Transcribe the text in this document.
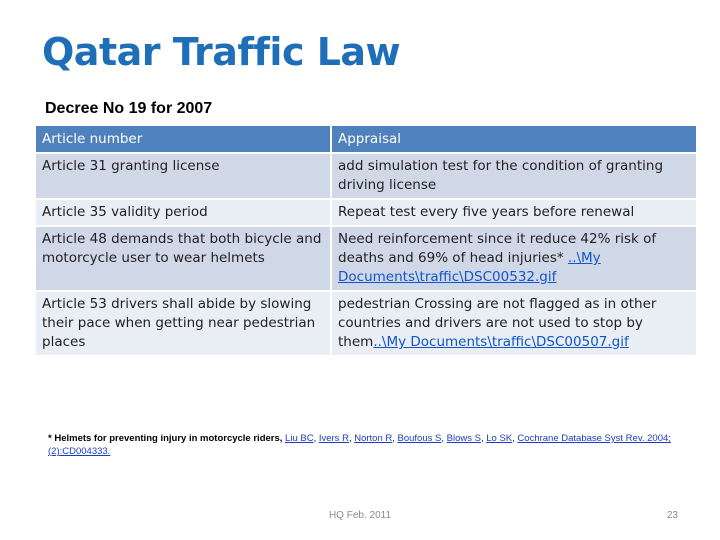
Qatar Traffic Law
Decree No 19 for 2007
Article number	Appraisal
Article 31 granting license	add simulation test for the condition of granting driving license
Article 35 validity period	Repeat test every five years before renewal
Article 48 demands that both bicycle and motorcycle user to wear helmets	Need reinforcement since it reduce 42% risk of deaths and 69% of head injuries* ..\My Documents\traffic\DSC00532.gif
Article 53 drivers shall abide by slowing their pace when getting near pedestrian places	pedestrian Crossing are not flagged as in other countries and drivers are not used to stop by them..\My Documents\traffic\DSC00507.gif
* Helmets for preventing injury in motorcycle riders, Liu BC, Ivers R, Norton R, Boufous S, Blows S, Lo SK, Cochrane Database Syst Rev. 2004;(2):CD004333.
HQ Feb. 2011	23
